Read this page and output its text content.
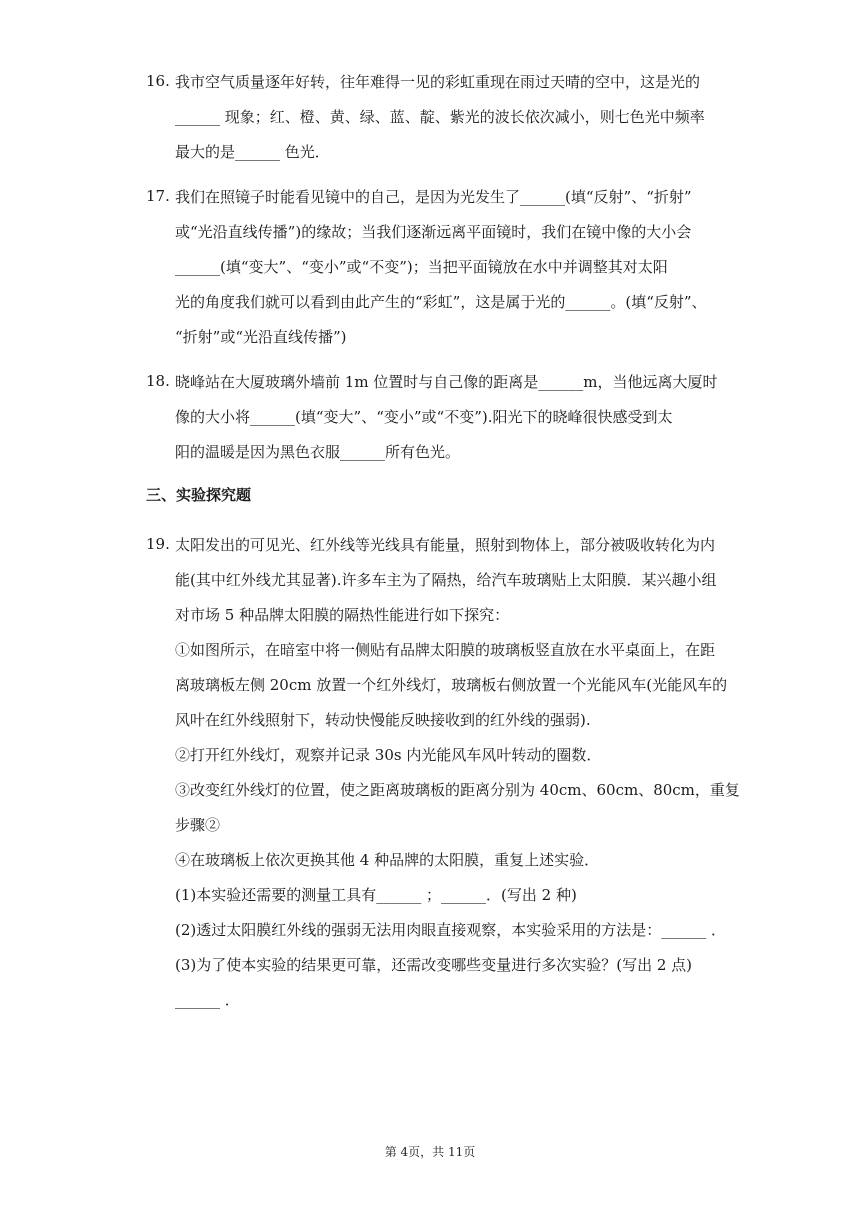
16. 我市空气质量逐年好转，往年难得一见的彩虹重现在雨过天晴的空中，这是光的
______ 现象；红、橙、黄、绿、蓝、靛、紫光的波长依次减小，则七色光中频率
最大的是______ 色光．
17. 我们在照镜子时能看见镜中的自己，是因为光发生了______(填“反射”、“折射”
或“光沿直线传播”)的缘故；当我们逐渐远离平面镜时，我们在镜中像的大小会
______(填“变大”、“变小”或“不变”)；当把平面镜放在水中并调整其对太阳
光的角度我们就可以看到由此产生的“彩虹”，这是属于光的______。(填“反射”、
“折射”或“光沿直线传播”)
18. 晓峰站在大厦玻璃外墙前 1m 位置时与自己像的距离是______m，当他远离大厦时
像的大小将______(填“变大”、“变小”或“不变”).阳光下的晓峰很快感受到太
阳的温暖是因为黑色衣服______所有色光。
三、实验探究题
19. 太阳发出的可见光、红外线等光线具有能量，照射到物体上，部分被吸收转化为内
能(其中红外线尤其显著).许多车主为了隔热，给汽车玻璃贴上太阳膜．某兴趣小组
对市场 5 种品牌太阳膜的隔热性能进行如下探究：
①如图所示，在暗室中将一侧贴有品牌太阳膜的玻璃板竖直放在水平桌面上，在距
离玻璃板左侧 20cm 放置一个红外线灯，玻璃板右侧放置一个光能风车(光能风车的
风叶在红外线照射下，转动快慢能反映接收到的红外线的强弱).
②打开红外线灯，观察并记录 30s 内光能风车风叶转动的圈数．
③改变红外线灯的位置，使之距离玻璃板的距离分别为 40cm、60cm、80cm，重复
步骤②
④在玻璃板上依次更换其他 4 种品牌的太阳膜，重复上述实验．
(1)本实验还需要的测量工具有______ ；______．(写出 2 种)
(2)透过太阳膜红外线的强弱无法用肉眼直接观察，本实验采用的方法是：______ ．
(3)为了使本实验的结果更可靠，还需改变哪些变量进行多次实验？(写出 2 点)
______ ．
第 4页，共 11页
